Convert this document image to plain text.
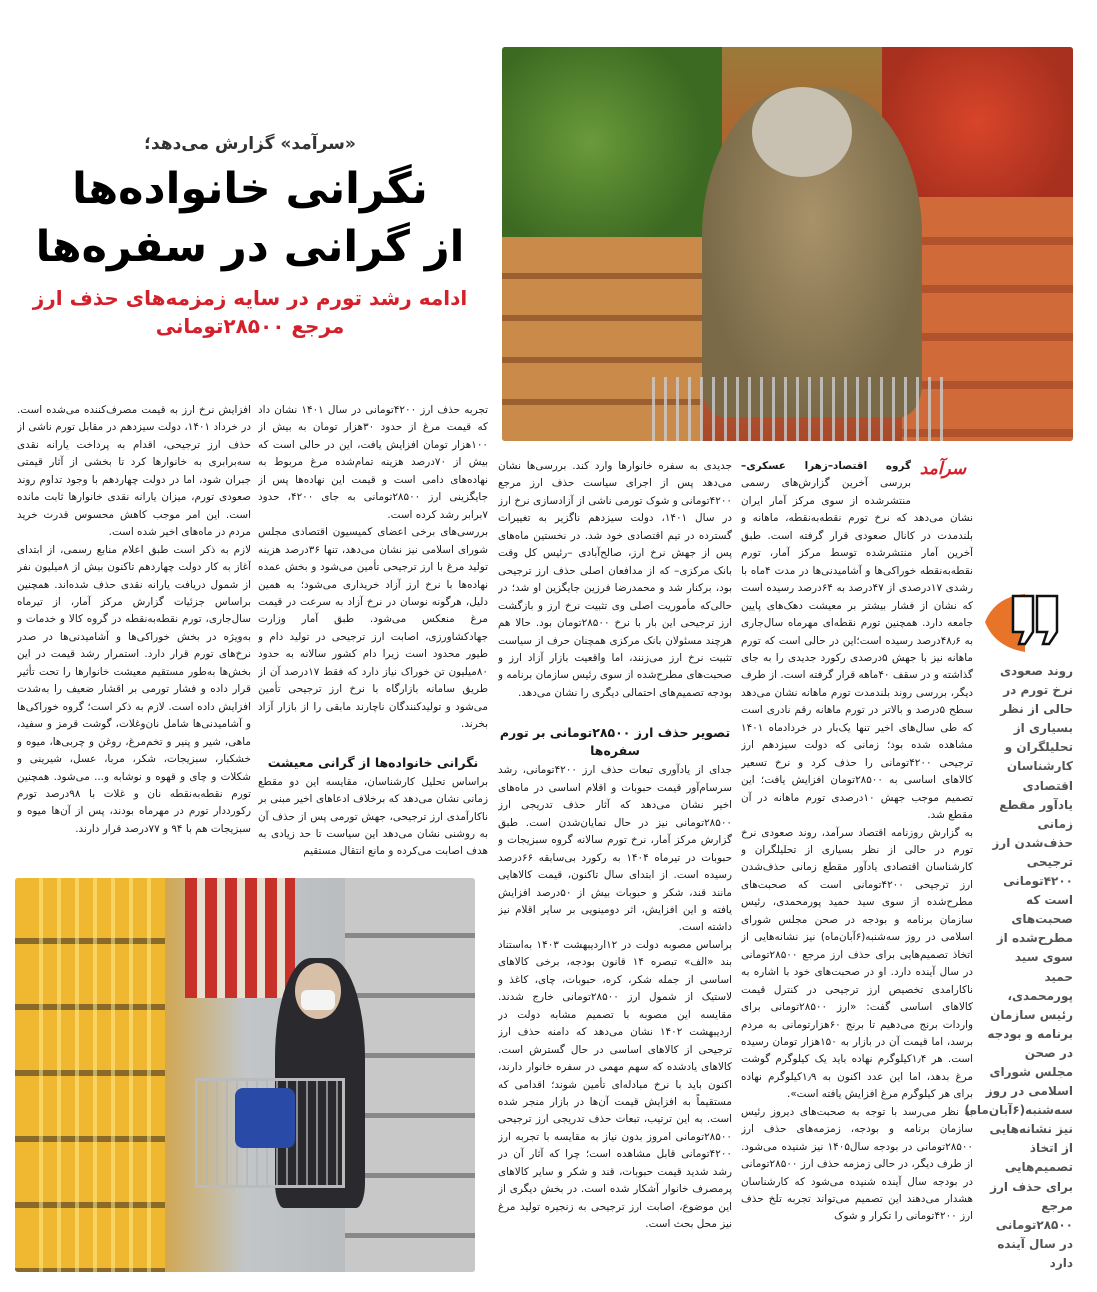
«سرآمد» گزارش می‌دهد؛
نگرانی خانواده‌ها
از گرانی در سفره‌ها
ادامه رشد تورم در سایه زمزمه‌های حذف ارز مرجع ۲۸۵۰۰تومانی
سرآمد

گروه اقتصاد–زهرا عسکری– بررسی آخرین گزارش‌های رسمی منتشرشده از سوی مرکز آمار ایران نشان می‌دهد که نرخ تورم نقطه‌به‌نقطه، ماهانه و بلندمدت در کانال صعودی قرار گرفته است. طبق آخرین آمار منتشرشده توسط مرکز آمار، تورم نقطه‌به‌نقطه خوراکی‌ها و آشامیدنی‌ها در مدت ۴ماه با رشدی ۱۷درصدی از ۴۷درصد به ۶۴درصد رسیده است که نشان از فشار بیشتر بر معیشت دهک‌های پایین جامعه دارد. همچنین تورم نقطه‌ای مهرماه سال‌جاری به ۴۸٫۶درصد رسیده است؛این در حالی است که تورم ماهانه نیز با جهش ۵درصدی رکورد جدیدی را به جای گذاشته و در سقف ۴۰ماهه قرار گرفته است. از طرف دیگر، بررسی روند بلندمدت تورم ماهانه نشان می‌دهد سطح ۵درصد و بالاتر در تورم ماهانه رقم نادری است که طی سال‌های اخیر تنها یک‌بار در خردادماه ۱۴۰۱ مشاهده شده بود؛ زمانی که دولت سیزدهم ارز ترجیحی ۴۲۰۰تومانی را حذف کرد و نرخ تسعیر کالاهای اساسی به ۲۸۵۰۰تومان افزایش یافت؛ این تصمیم موجب جهش ۱۰درصدی تورم ماهانه در آن مقطع شد.

به گزارش روزنامه اقتصاد سرآمد، روند صعودی نرخ تورم در حالی از نظر بسیاری از تحلیلگران و کارشناسان اقتصادی یادآور مقطع زمانی حذف‌شدن ارز ترجیحی ۴۲۰۰تومانی است که صحبت‌های مطرح‌شده از سوی سید حمید پورمحمدی، رئیس سازمان برنامه و بودجه در صحن مجلس شورای اسلامی در روز سه‌شنبه(۶آبان‌ماه) نیز نشانه‌هایی از اتخاذ تصمیم‌هایی برای حذف ارز مرجع ۲۸۵۰۰تومانی در سال آینده دارد. او در صحبت‌های خود با اشاره به ناکارامدی تخصیص ارز ترجیحی در کنترل قیمت کالاهای اساسی گفت: «ارز ۲۸۵۰۰تومانی برای واردات برنج می‌دهیم تا برنج ۶۰هزارتومانی به مردم برسد، اما قیمت آن در بازار به ۱۵۰هزار تومان رسیده است. هر ۱٫۴کیلوگرم نهاده باید یک کیلوگرم گوشت مرغ بدهد، اما این عدد اکنون به ۱٫۹کیلوگرم نهاده برای هر کیلوگرم مرغ افزایش یافته است».

به نظر می‌رسد با توجه به صحبت‌های دیروز رئیس سازمان برنامه و بودجه، زمزمه‌های حذف ارز ۲۸۵۰۰تومانی در بودجه سال۱۴۰۵ نیز شنیده می‌شود. از طرف دیگر، در حالی زمزمه حذف ارز ۲۸۵۰۰تومانی در بودجه سال آینده شنیده می‌شود که کارشناسان هشدار می‌دهند این تصمیم می‌تواند تجربه تلخ حذف ارز ۴۲۰۰تومانی را تکرار و شوک

جدیدی به سفره خانوارها وارد کند. بررسی‌ها نشان می‌دهد پس از اجرای سیاست حذف ارز مرجع ۴۲۰۰تومانی و شوک تورمی ناشی از آزادسازی نرخ ارز در سال ۱۴۰۱، دولت سیزدهم ناگزیر به تغییرات گسترده در تیم اقتصادی خود شد. در نخستین ماه‌های پس از جهش نرخ ارز، صالح‌آبادی –رئیس کل وقت بانک مرکزی– که از مدافعان اصلی حذف ارز ترجیحی بود، برکنار شد و محمدرضا فرزین جایگزین او شد؛ در حالی‌که مأموریت اصلی وی تثبیت نرخ ارز و بازگشت ارز ترجیحی این بار با نرخ ۲۸۵۰۰تومان بود. حالا هم هرچند مسئولان بانک مرکزی همچنان حرف از سیاست تثبیت نرخ ارز می‌زنند، اما واقعیت بازار آزاد ارز و صحبت‌های مطرح‌شده از سوی رئیس سازمان برنامه و بودجه تصمیم‌های احتمالی دیگری را نشان می‌دهد.

تصویر حذف ارز ۲۸۵۰۰تومانی بر تورم سفره‌ها

جدای از یادآوری تبعات حذف ارز ۴۲۰۰تومانی، رشد سرسام‌آور قیمت حبوبات و اقلام اساسی در ماه‌های اخیر نشان می‌دهد که آثار حذف تدریجی ارز ۲۸۵۰۰تومانی نیز در حال نمایان‌شدن است. طبق گزارش مرکز آمار، نرخ تورم سالانه گروه سبزیجات و حبوبات در تیرماه ۱۴۰۴ به رکورد بی‌سابقه ۶۶درصد رسیده است. از ابتدای سال تاکنون، قیمت کالاهایی مانند قند، شکر و حبوبات بیش از ۵۰درصد افزایش یافته و این افزایش، اثر دومینویی بر سایر اقلام نیز داشته است.

براساس مصوبه دولت در ۱۲اردیبهشت ۱۴۰۳ به‌استناد بند «الف» تبصره ۱۴ قانون بودجه، برخی کالاهای اساسی از جمله شکر، کره، حبوبات، چای، کاغذ و لاستیک از شمول ارز ۲۸۵۰۰تومانی خارج شدند. مقایسه این مصوبه با تصمیم مشابه دولت در اردیبهشت ۱۴۰۲ نشان می‌دهد که دامنه حذف ارز ترجیحی از کالاهای اساسی در حال گسترش است. کالاهای یادشده که سهم مهمی در سفره خانوار دارند، اکنون باید با نرخ مبادله‌ای تأمین شوند؛ اقدامی که مستقیماً به افزایش قیمت آن‌ها در بازار منجر شده است. به این ترتیب، تبعات حذف تدریجی ارز ترجیحی ۲۸۵۰۰تومانی امروز بدون نیاز به مقایسه با تجربه ارز ۴۲۰۰تومانی قابل مشاهده است؛ چرا که آثار آن در رشد شدید قیمت حبوبات، قند و شکر و سایر کالاهای پرمصرف خانوار آشکار شده است. در بخش دیگری از این موضوع، اصابت ارز ترجیحی به زنجیره تولید مرغ نیز محل بحث است.

تجربه حذف ارز ۴۲۰۰تومانی در سال ۱۴۰۱ نشان داد که قیمت مرغ از حدود ۳۰هزار تومان به بیش از ۱۰۰هزار تومان افزایش یافت، این در حالی است که بیش از ۷۰درصد هزینه تمام‌شده مرغ مربوط به نهاده‌های دامی است و قیمت این نهاده‌ها پس از جایگزینی ارز ۲۸۵۰۰تومانی به جای ۴۲۰۰، حدود ۷برابر رشد کرده است.

بررسی‌های برخی اعضای کمیسیون اقتصادی مجلس شورای اسلامی نیز نشان می‌دهد، تنها ۳۶درصد هزینه تولید مرغ با ارز ترجیحی تأمین می‌شود و بخش عمده نهاده‌ها با نرخ ارز آزاد خریداری می‌شود؛ به همین دلیل، هرگونه نوسان در نرخ آزاد به سرعت در قیمت مرغ منعکس می‌شود. طبق آمار وزارت جهادکشاورزی، اصابت ارز ترجیحی در تولید دام و طیور محدود است زیرا دام کشور سالانه به حدود ۸۰میلیون تن خوراک نیاز دارد که فقط ۱۷درصد آن از طریق سامانه بازارگاه با نرخ ارز ترجیحی تأمین می‌شود و تولیدکنندگان ناچارند مابقی را از بازار آزاد بخرند.

نگرانی خانواده‌ها از گرانی معیشت

براساس تحلیل کارشناسان، مقایسه این دو مقطع زمانی نشان می‌دهد که برخلاف ادعاهای اخیر مبنی بر ناکارآمدی ارز ترجیحی، جهش تورمی پس از حذف آن به روشنی نشان می‌دهد این سیاست تا حد زیادی به هدف اصابت می‌کرده و مانع انتقال مستقیم

افزایش نرخ ارز به قیمت مصرف‌کننده می‌شده است. در خرداد ۱۴۰۱، دولت سیزدهم در مقابل تورم ناشی از حذف ارز ترجیحی، اقدام به پرداخت یارانه نقدی سه‌برابری به خانوارها کرد تا بخشی از آثار قیمتی جبران شود، اما در دولت چهاردهم با وجود تداوم روند صعودی تورم، میزان یارانه نقدی خانوارها ثابت مانده است. این امر موجب کاهش محسوس قدرت خرید مردم در ماه‌های اخیر شده است.

لازم به ذکر است طبق اعلام منابع رسمی، از ابتدای آغاز به کار دولت چهاردهم تاکنون بیش از ۸میلیون نفر از شمول دریافت یارانه نقدی حذف شده‌اند. همچنین براساس جزئیات گزارش مرکز آمار، از تیرماه سال‌جاری، تورم نقطه‌به‌نقطه در گروه کالا و خدمات و به‌ویژه در بخش خوراکی‌ها و آشامیدنی‌ها در صدر نرخ‌های تورم قرار دارد. استمرار رشد قیمت در این بخش‌ها به‌طور مستقیم معیشت خانوارها را تحت تأثیر قرار داده و فشار تورمی بر اقشار ضعیف را به‌شدت افزایش داده است. لازم به ذکر است؛ گروه خوراکی‌ها و آشامیدنی‌ها شامل نان‌وغلات، گوشت قرمز و سفید، ماهی، شیر و پنیر و تخم‌مرغ، روغن و چربی‌ها، میوه و خشکبار، سبزیجات، شکر، مربا، عسل، شیرینی و شکلات و چای و قهوه و نوشابه و... می‌شود. همچنین تورم نقطه‌به‌نقطه نان و غلات با ۹۸درصد تورم رکورددار تورم در مهرماه بودند، پس از آن‌ها میوه و سبزیجات هم با ۹۴ و ۷۷درصد قرار دارند.

روند صعودی نرخ تورم در حالی از نظر بسیاری از تحلیلگران و کارشناسان اقتصادی یادآور مقطع زمانی حذف‌شدن ارز ترجیحی ۴۲۰۰تومانی است که صحبت‌های مطرح‌شده از سوی سید حمید پورمحمدی، رئیس سازمان برنامه و بودجه در صحن مجلس شورای اسلامی در روز سه‌شنبه(۶آبان‌ماه) نیز نشانه‌هایی از اتخاذ تصمیم‌هایی برای حذف ارز مرجع ۲۸۵۰۰تومانی در سال آینده دارد
